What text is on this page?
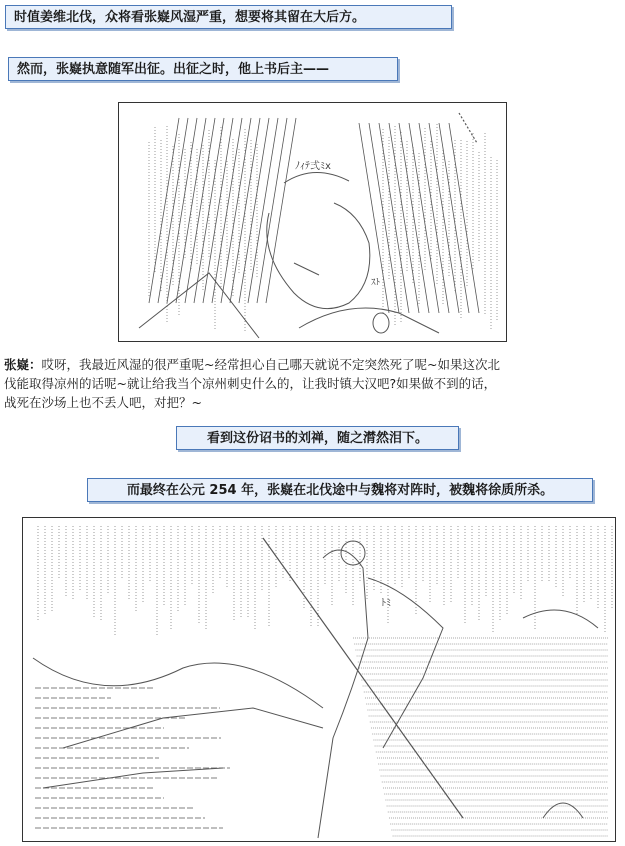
时值姜维北伐，众将看张嶷风湿严重，想要将其留在大后方。
然而，张嶷执意随军出征。出征之时，他上书后主——
ﾉｨﾃ弍ﾐx
ｽﾄ
张嶷：哎呀，我最近风湿的很严重呢~经常担心自己哪天就说不定突然死了呢~如果这次北
伐能取得凉州的话呢~就让给我当个凉州刺史什么的，让我时镇大汉吧?如果做不到的话，
战死在沙场上也不丢人吧，对把？~
看到这份诏书的刘禅，随之潸然泪下。
而最终在公元 254 年，张嶷在北伐途中与魏将对阵时，被魏将徐质所杀。
ﾄﾐ
